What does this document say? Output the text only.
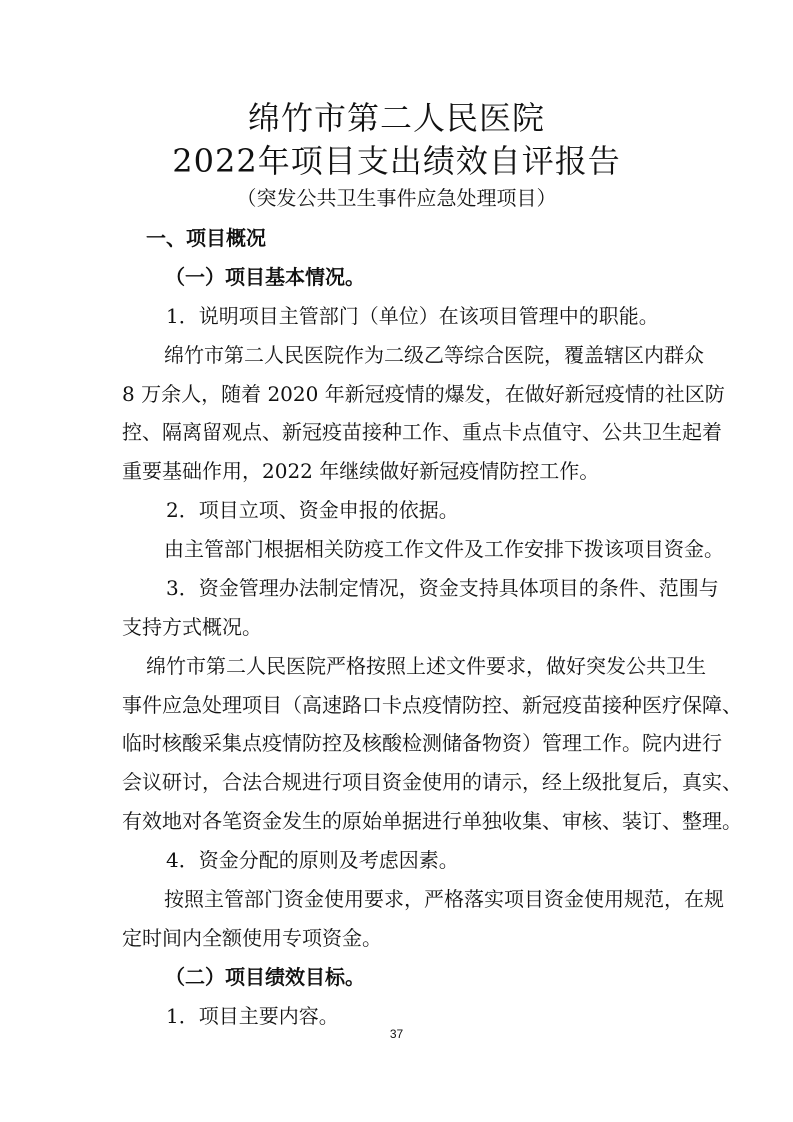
绵竹市第二人民医院
2022年项目支出绩效自评报告
（突发公共卫生事件应急处理项目）
一、项目概况
（一）项目基本情况。
1．说明项目主管部门（单位）在该项目管理中的职能。
绵竹市第二人民医院作为二级乙等综合医院，覆盖辖区内群众
8 万余人，随着 2020 年新冠疫情的爆发，在做好新冠疫情的社区防
控、隔离留观点、新冠疫苗接种工作、重点卡点值守、公共卫生起着
重要基础作用，2022 年继续做好新冠疫情防控工作。
2．项目立项、资金申报的依据。
由主管部门根据相关防疫工作文件及工作安排下拨该项目资金。
3．资金管理办法制定情况，资金支持具体项目的条件、范围与
支持方式概况。
绵竹市第二人民医院严格按照上述文件要求，做好突发公共卫生
事件应急处理项目（高速路口卡点疫情防控、新冠疫苗接种医疗保障、
临时核酸采集点疫情防控及核酸检测储备物资）管理工作。院内进行
会议研讨，合法合规进行项目资金使用的请示，经上级批复后，真实、
有效地对各笔资金发生的原始单据进行单独收集、审核、装订、整理。
4．资金分配的原则及考虑因素。
按照主管部门资金使用要求，严格落实项目资金使用规范，在规
定时间内全额使用专项资金。
（二）项目绩效目标。
1．项目主要内容。
37
